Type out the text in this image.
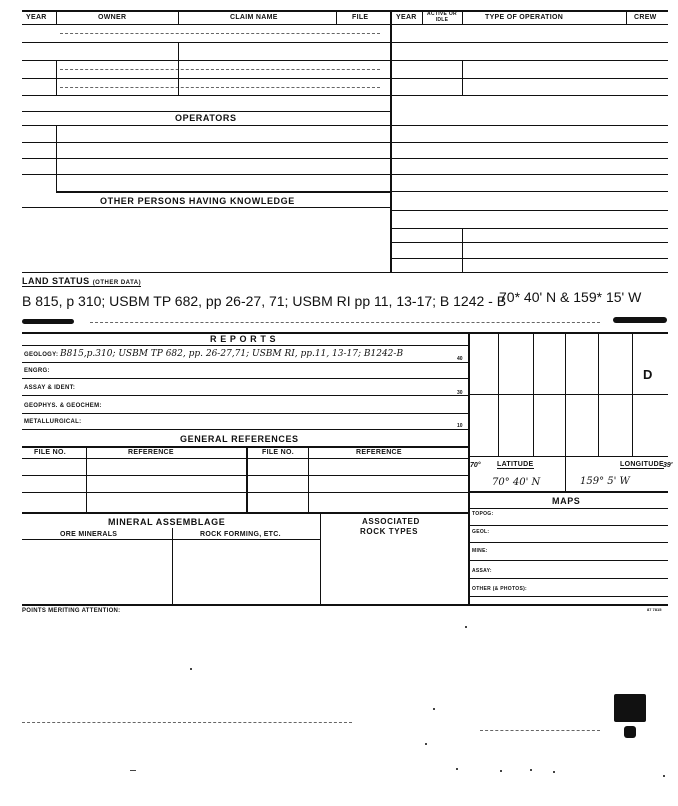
YEAR	OWNER	CLAIM NAME	FILE	YEAR	ACTIVE OR IDLE	TYPE OF OPERATION	CREW
OPERATORS
OTHER PERSONS HAVING KNOWLEDGE
LAND STATUS (OTHER DATA)
B 815, p 310; USBM TP 682, pp 26-27, 71; USBM RI pp 11, 13-17; B 1242 - B
70* 40' N & 159* 15' W
R E P O R T S
GEOLOGY: B815,p.310; USBM TP 682, pp. 26-27,71; USBM RI, pp.11, 13-17; B1242-B	40
ENGRG:
ASSAY & IDENT:
30
GEOPHYS. & GEOCHEM:
METALLURGICAL:
10
GENERAL REFERENCES
FILE NO.	REFERENCE	FILE NO.	REFERENCE
D
70° LATITUDE	LONGITUDE 39'
70° 40' N	159° 5' W
MAPS
TOPOG:
GEOL:
MINE:
ASSAY:
OTHER (& PHOTOS):
MINERAL ASSEMBLAGE
ORE MINERALS	ROCK FORMING, ETC.
ASSOCIATED
ROCK TYPES
POINTS MERITING ATTENTION:	87 7815
